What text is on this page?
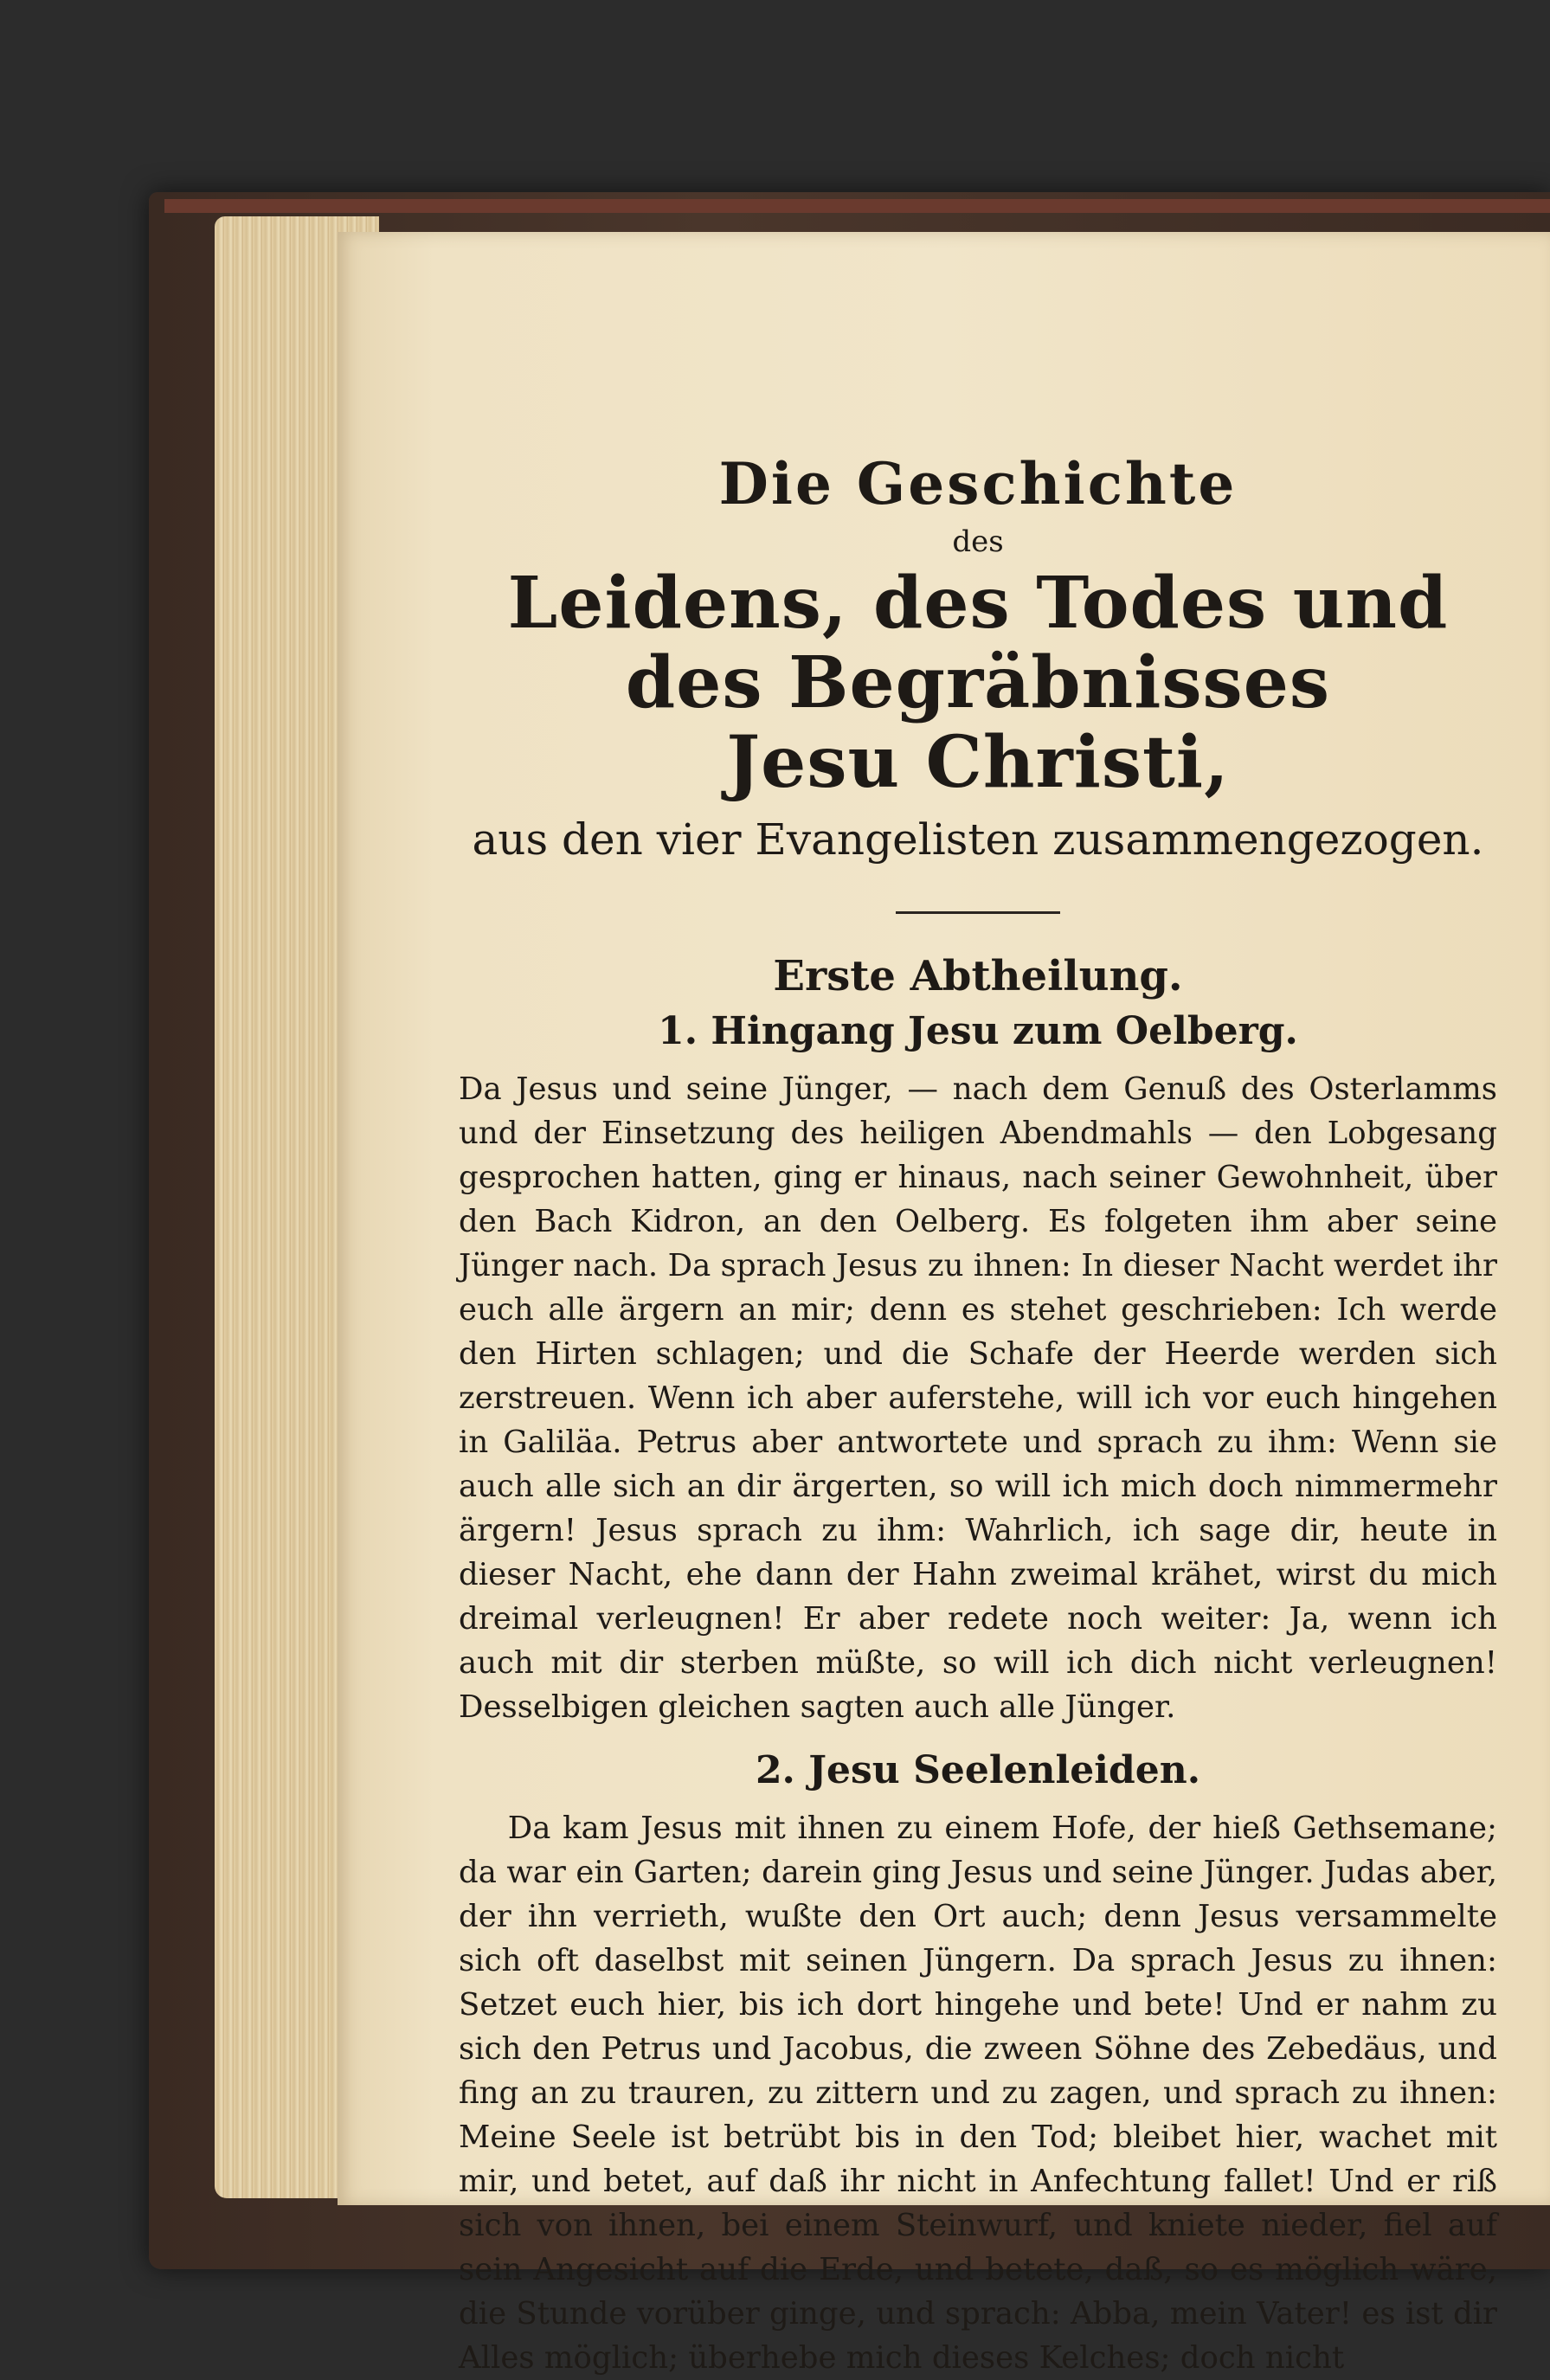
Die Geschichte
des
Leidens, des Todes und des Begräbnisses
Jesu Christi,
aus den vier Evangelisten zusammengezogen.
Erste Abtheilung.
1. Hingang Jesu zum Oelberg.

Da Jesus und seine Jünger, — nach dem Genuß des Osterlamms und der Einsetzung des heiligen Abendmahls — den Lobgesang gesprochen hatten, ging er hinaus, nach seiner Gewohnheit, über den Bach Kidron, an den Oelberg. Es folgeten ihm aber seine Jünger nach. Da sprach Jesus zu ihnen: In dieser Nacht werdet ihr euch alle ärgern an mir; denn es stehet geschrieben: Ich werde den Hirten schlagen; und die Schafe der Heerde werden sich zerstreuen. Wenn ich aber auferstehe, will ich vor euch hingehen in Galiläa. Petrus aber antwortete und sprach zu ihm: Wenn sie auch alle sich an dir ärgerten, so will ich mich doch nimmermehr ärgern! Jesus sprach zu ihm: Wahrlich, ich sage dir, heute in dieser Nacht, ehe dann der Hahn zweimal krähet, wirst du mich dreimal verleugnen! Er aber redete noch weiter: Ja, wenn ich auch mit dir sterben müßte, so will ich dich nicht verleugnen! Desselbigen gleichen sagten auch alle Jünger.

2. Jesu Seelenleiden.

Da kam Jesus mit ihnen zu einem Hofe, der hieß Gethsemane; da war ein Garten; darein ging Jesus und seine Jünger. Judas aber, der ihn verrieth, wußte den Ort auch; denn Jesus versammelte sich oft daselbst mit seinen Jüngern. Da sprach Jesus zu ihnen: Setzet euch hier, bis ich dort hingehe und bete! Und er nahm zu sich den Petrus und Jacobus, die zween Söhne des Zebedäus, und fing an zu trauren, zu zittern und zu zagen, und sprach zu ihnen: Meine Seele ist betrübt bis in den Tod; bleibet hier, wachet mit mir, und betet, auf daß ihr nicht in Anfechtung fallet! Und er riß sich von ihnen, bei einem Steinwurf, und kniete nieder, fiel auf sein Angesicht auf die Erde, und betete, daß, so es möglich wäre, die Stunde vorüber ginge, und sprach: Abba, mein Vater! es ist dir Alles möglich; überhebe mich dieses Kelches; doch nicht
